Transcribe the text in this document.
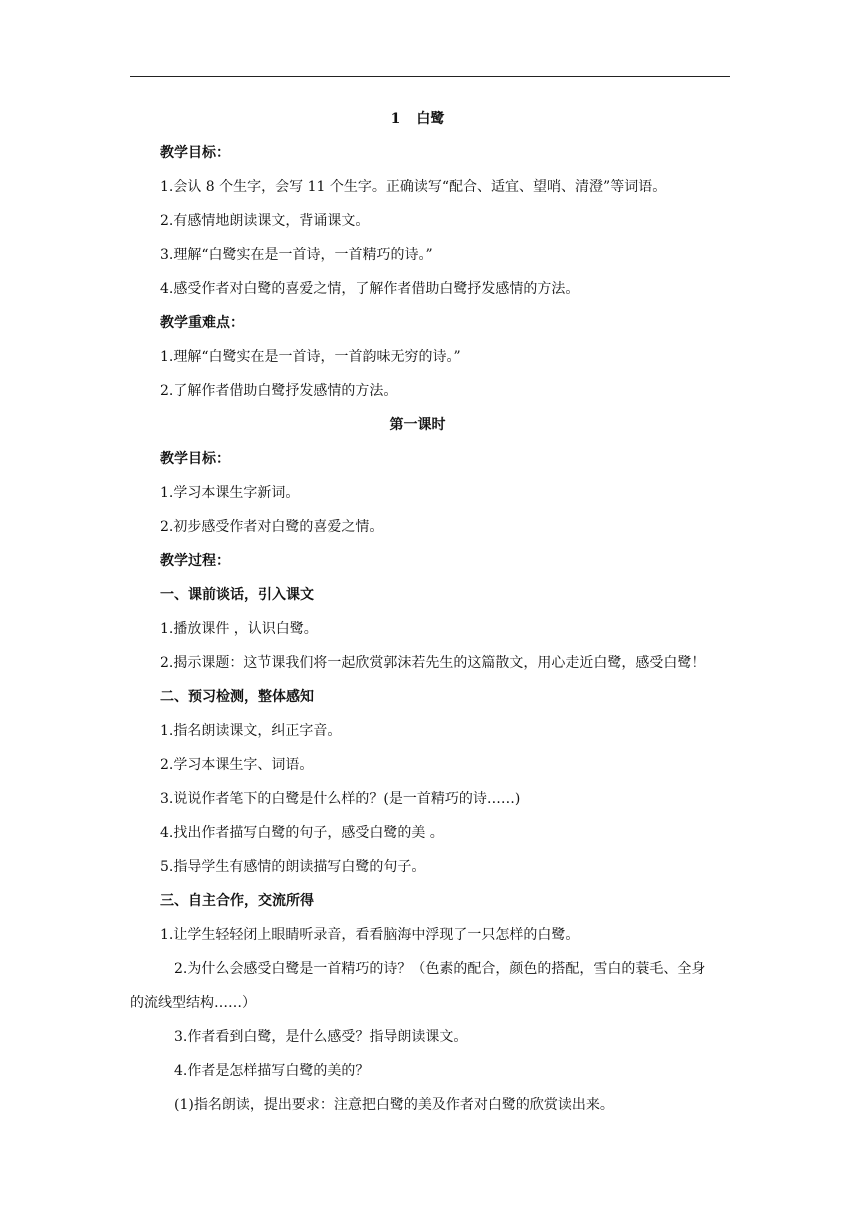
1 白鹭
教学目标：
1.会认 8 个生字，会写 11 个生字。正确读写“配合、适宜、望哨、清澄”等词语。
2.有感情地朗读课文，背诵课文。
3.理解“白鹭实在是一首诗，一首精巧的诗。”
4.感受作者对白鹭的喜爱之情，了解作者借助白鹭抒发感情的方法。
教学重难点：
1.理解“白鹭实在是一首诗，一首韵味无穷的诗。”
2.了解作者借助白鹭抒发感情的方法。
第一课时
教学目标：
1.学习本课生字新词。
2.初步感受作者对白鹭的喜爱之情。
教学过程：
一、课前谈话，引入课文
1.播放课件 ，认识白鹭。
2.揭示课题：这节课我们将一起欣赏郭沫若先生的这篇散文，用心走近白鹭，感受白鹭！
二、预习检测，整体感知
1.指名朗读课文，纠正字音。
2.学习本课生字、词语。
3.说说作者笔下的白鹭是什么样的？(是一首精巧的诗……)
4.找出作者描写白鹭的句子，感受白鹭的美 。
5.指导学生有感情的朗读描写白鹭的句子。
三、自主合作，交流所得
1.让学生轻轻闭上眼睛听录音，看看脑海中浮现了一只怎样的白鹭。
2.为什么会感受白鹭是一首精巧的诗？（色素的配合，颜色的搭配，雪白的蓑毛、全身
的流线型结构……）
3.作者看到白鹭，是什么感受？指导朗读课文。
4.作者是怎样描写白鹭的美的？
(1)指名朗读，提出要求：注意把白鹭的美及作者对白鹭的欣赏读出来。
